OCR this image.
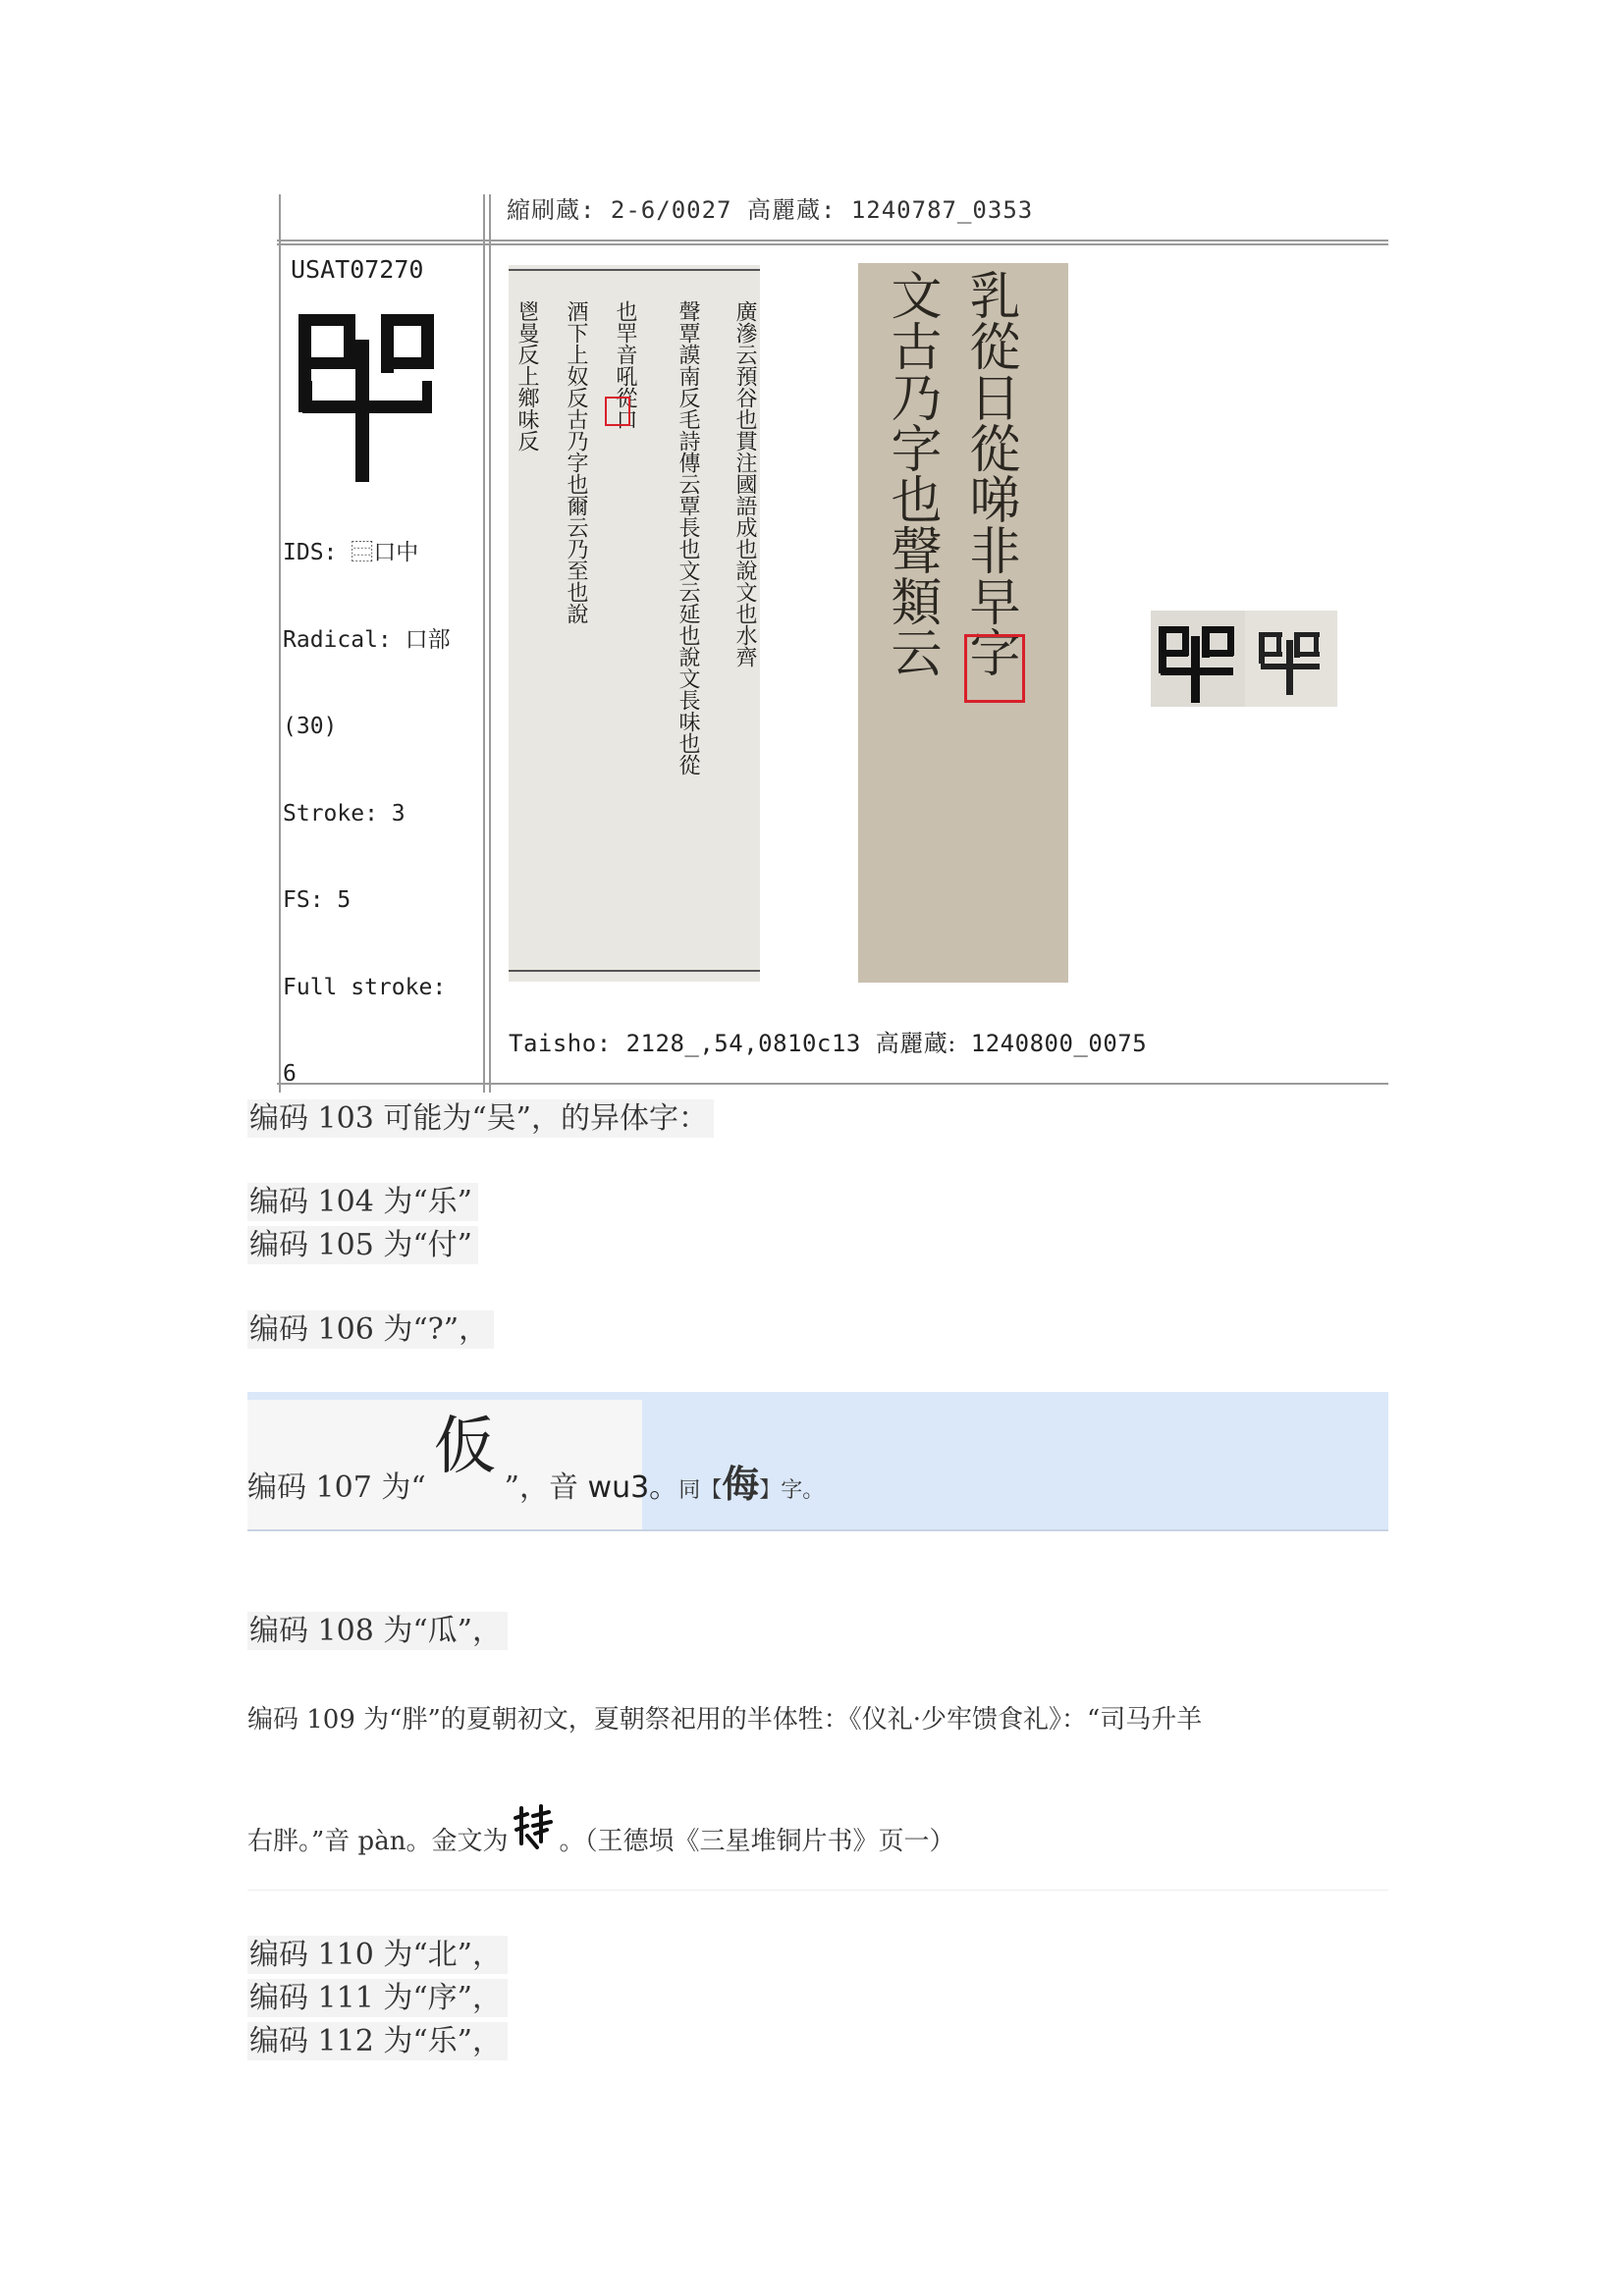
縮刷蔵: 2-6/0027 高麗蔵: 1240787_0353
USAT07270

IDS: ⿳口中

Radical: 口部

(30)

Stroke: 3

FS: 5

Full stroke:

6

廣滲云預谷也貫注國語成也說文也水齊
聲覃謨南反毛詩傳云覃長也文云延也說文長味也從
也䍐音吼從口
酒下上奴反古乃字也爾云乃至也說
鬯曼反上鄉味反	乳從日從㖒非早字
文古乃字也聲類云
Taisho: 2128_,54,0810c13 高麗蔵: 1240800_0075
编码 103 可能为“吴”，的异体字：
编码 104 为“乐”
编码 105 为“付”
编码 106 为“?”，
编码 107 为“仮”，音 wu3。同【侮】字。
编码 108 为“瓜”，
编码 109 为“胖”的夏朝初文，夏朝祭祀用的半体牲：《仪礼·少牢馈食礼》：“司马升羊
右胖。”音 pàn。金文为 。（王德埙《三星堆铜片书》页一）
编码 110 为“北”，
编码 111 为“序”，
编码 112 为“乐”，
